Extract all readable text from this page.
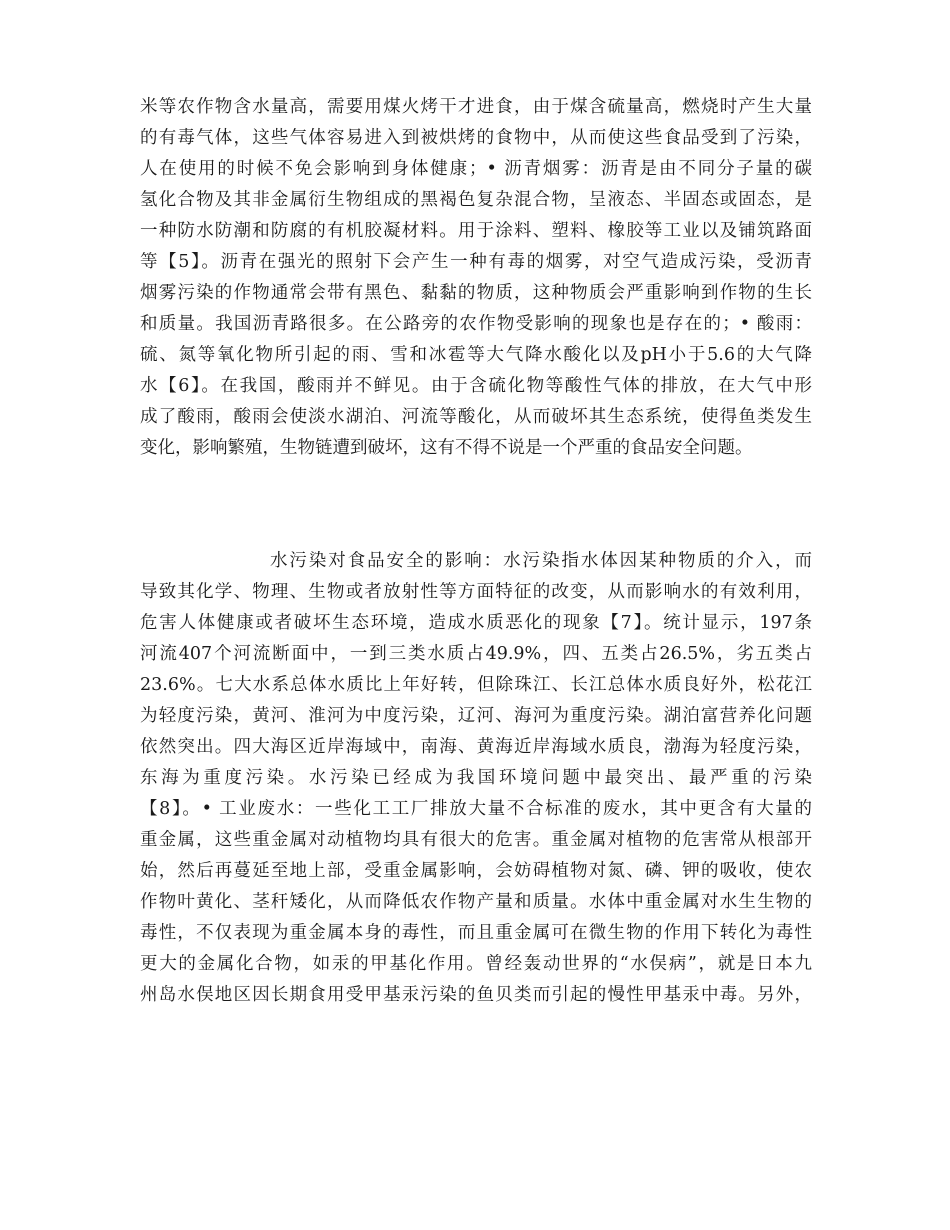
米等农作物含水量高，需要用煤火烤干才进食，由于煤含硫量高，燃烧时产生大量
的有毒气体，这些气体容易进入到被烘烤的食物中，从而使这些食品受到了污染，
人在使用的时候不免会影响到身体健康；• 沥青烟雾：沥青是由不同分子量的碳
氢化合物及其非金属衍生物组成的黑褐色复杂混合物，呈液态、半固态或固态，是
一种防水防潮和防腐的有机胶凝材料。用于涂料、塑料、橡胶等工业以及铺筑路面
等【5】。沥青在强光的照射下会产生一种有毒的烟雾，对空气造成污染，受沥青
烟雾污染的作物通常会带有黑色、黏黏的物质，这种物质会严重影响到作物的生长
和质量。我国沥青路很多。在公路旁的农作物受影响的现象也是存在的；• 酸雨：
硫、氮等氧化物所引起的雨、雪和冰雹等大气降水酸化以及pH小于5.6的大气降
水【6】。在我国，酸雨并不鲜见。由于含硫化物等酸性气体的排放，在大气中形
成了酸雨，酸雨会使淡水湖泊、河流等酸化，从而破坏其生态系统，使得鱼类发生
变化，影响繁殖，生物链遭到破坏，这有不得不说是一个严重的食品安全问题。
水污染对食品安全的影响：水污染指水体因某种物质的介入，而
导致其化学、物理、生物或者放射性等方面特征的改变，从而影响水的有效利用，
危害人体健康或者破坏生态环境，造成水质恶化的现象【7】。统计显示，197条
河流407个河流断面中，一到三类水质占49.9%，四、五类占26.5%，劣五类占
23.6%。七大水系总体水质比上年好转，但除珠江、长江总体水质良好外，松花江
为轻度污染，黄河、淮河为中度污染，辽河、海河为重度污染。湖泊富营养化问题
依然突出。四大海区近岸海域中，南海、黄海近岸海域水质良，渤海为轻度污染，
东海为重度污染。水污染已经成为我国环境问题中最突出、最严重的污染
【8】。• 工业废水：一些化工工厂排放大量不合标准的废水，其中更含有大量的
重金属，这些重金属对动植物均具有很大的危害。重金属对植物的危害常从根部开
始，然后再蔓延至地上部，受重金属影响，会妨碍植物对氮、磷、钾的吸收，使农
作物叶黄化、茎秆矮化，从而降低农作物产量和质量。水体中重金属对水生生物的
毒性，不仅表现为重金属本身的毒性，而且重金属可在微生物的作用下转化为毒性
更大的金属化合物，如汞的甲基化作用。曾经轰动世界的“水俣病”，就是日本九
州岛水俣地区因长期食用受甲基汞污染的鱼贝类而引起的慢性甲基汞中毒。另外，
